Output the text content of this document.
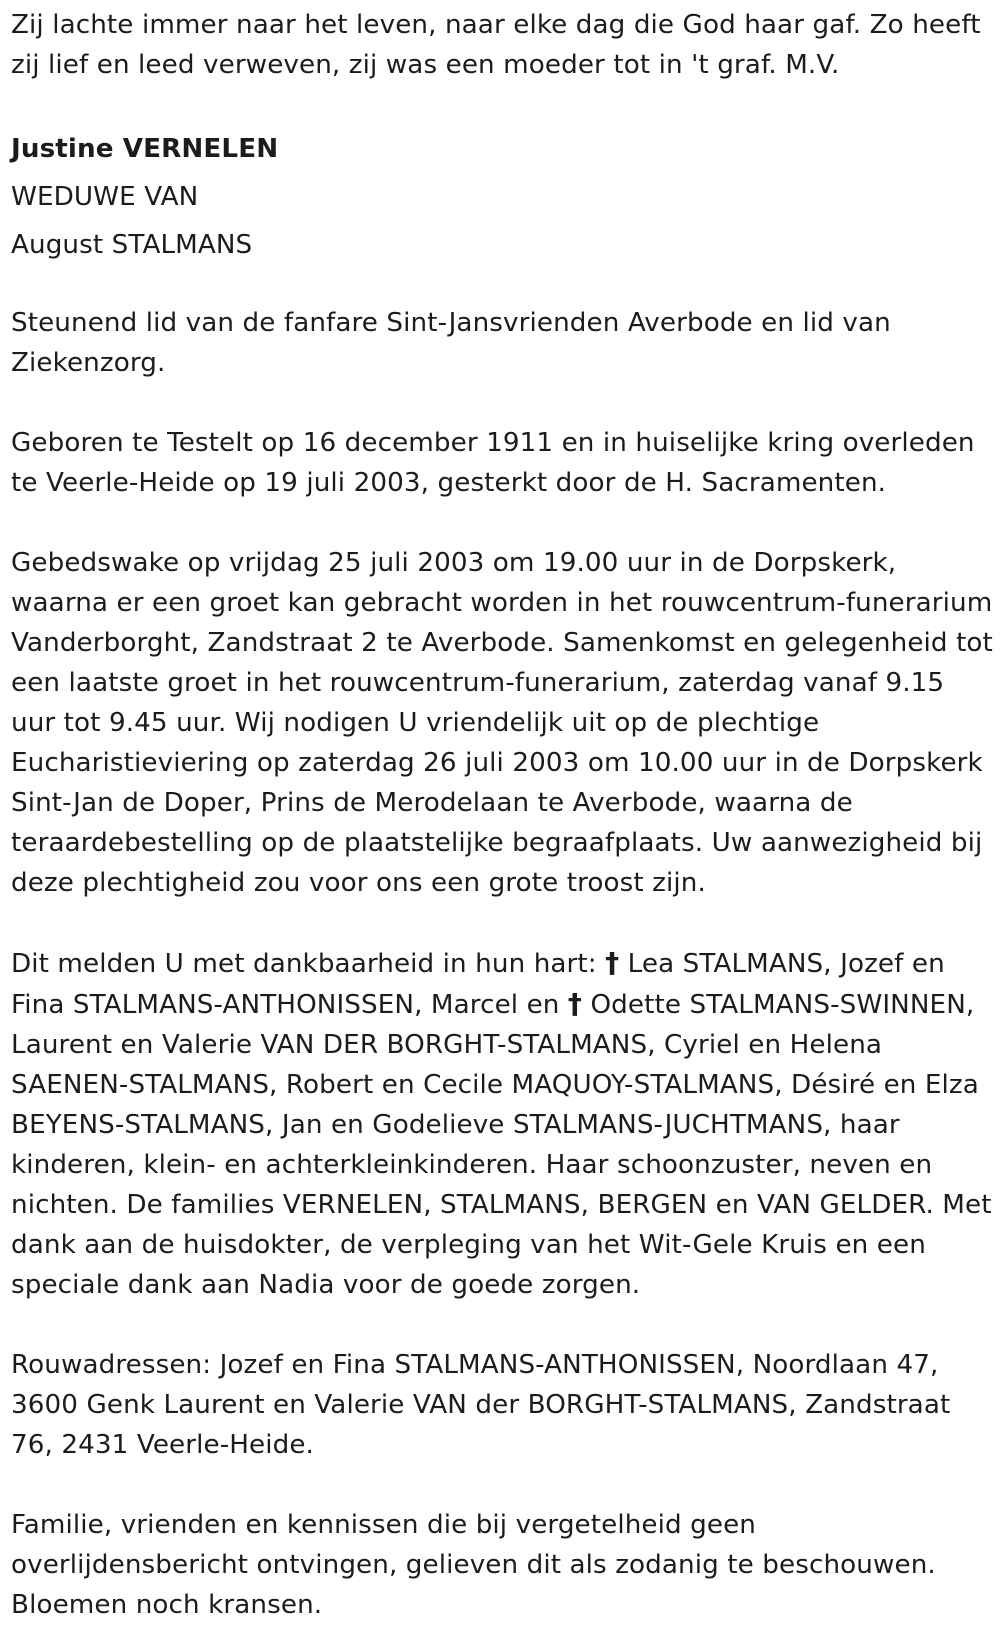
Zij lachte immer naar het leven, naar elke dag die God haar gaf. Zo heeft
zij lief en leed verweven, zij was een moeder tot in 't graf. M.V.
Justine VERNELEN
WEDUWE VAN
August STALMANS

Steunend lid van de fanfare Sint-Jansvrienden Averbode en lid van Ziekenzorg.

Geboren te Testelt op 16 december 1911 en in huiselijke kring overleden te Veerle-Heide op 19 juli 2003, gesterkt door de H. Sacramenten.

Gebedswake op vrijdag 25 juli 2003 om 19.00 uur in de Dorpskerk, waarna er een groet kan gebracht worden in het rouwcentrum-funerarium Vanderborght, Zandstraat 2 te Averbode. Samenkomst en gelegenheid tot een laatste groet in het rouwcentrum-funerarium, zaterdag vanaf 9.15 uur tot 9.45 uur. Wij nodigen U vriendelijk uit op de plechtige Eucharistieviering op zaterdag 26 juli 2003 om 10.00 uur in de Dorpskerk Sint-Jan de Doper, Prins de Merodelaan te Averbode, waarna de teraardebestelling op de plaatstelijke begraafplaats. Uw aanwezigheid bij deze plechtigheid zou voor ons een grote troost zijn.

Dit melden U met dankbaarheid in hun hart: † Lea STALMANS, Jozef en Fina STALMANS-ANTHONISSEN, Marcel en † Odette STALMANS-SWINNEN, Laurent en Valerie VAN DER BORGHT-STALMANS, Cyriel en Helena SAENEN-STALMANS, Robert en Cecile MAQUOY-STALMANS, Désiré en Elza BEYENS-STALMANS, Jan en Godelieve STALMANS-JUCHTMANS, haar kinderen, klein- en achterkleinkinderen. Haar schoonzuster, neven en nichten. De families VERNELEN, STALMANS, BERGEN en VAN GELDER. Met dank aan de huisdokter, de verpleging van het Wit-Gele Kruis en een speciale dank aan Nadia voor de goede zorgen.

Rouwadressen: Jozef en Fina STALMANS-ANTHONISSEN, Noordlaan 47, 3600 Genk Laurent en Valerie VAN der BORGHT-STALMANS, Zandstraat 76, 2431 Veerle-Heide.

Familie, vrienden en kennissen die bij vergetelheid geen overlijdensbericht ontvingen, gelieven dit als zodanig te beschouwen. Bloemen noch kransen.
